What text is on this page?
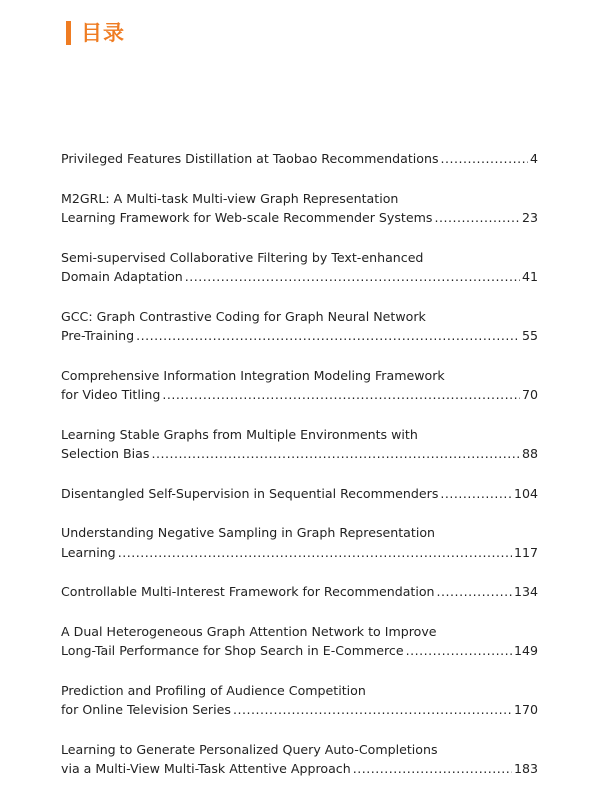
目录
Privileged Features Distillation at Taobao Recommendations .....	4
M2GRL: A Multi-task Multi-view Graph Representation
Learning Framework for Web-scale Recommender Systems .....	23
Semi-supervised Collaborative Filtering by Text-enhanced
Domain Adaptation .....	41
GCC: Graph Contrastive Coding for Graph Neural Network
Pre-Training .....	55
Comprehensive Information Integration Modeling Framework
for Video Titling .....	70
Learning Stable Graphs from Multiple Environments with
Selection Bias .....	88
Disentangled Self-Supervision in Sequential Recommenders .....	104
Understanding Negative Sampling in Graph Representation
Learning .....	117
Controllable Multi-Interest Framework for Recommendation .....	134
A Dual Heterogeneous Graph Attention Network to Improve
Long-Tail Performance for Shop Search in E-Commerce .....	149
Prediction and Profiling of Audience Competition
for Online Television Series .....	170
Learning to Generate Personalized Query Auto-Completions
via a Multi-View Multi-Task Attentive Approach .....	183
